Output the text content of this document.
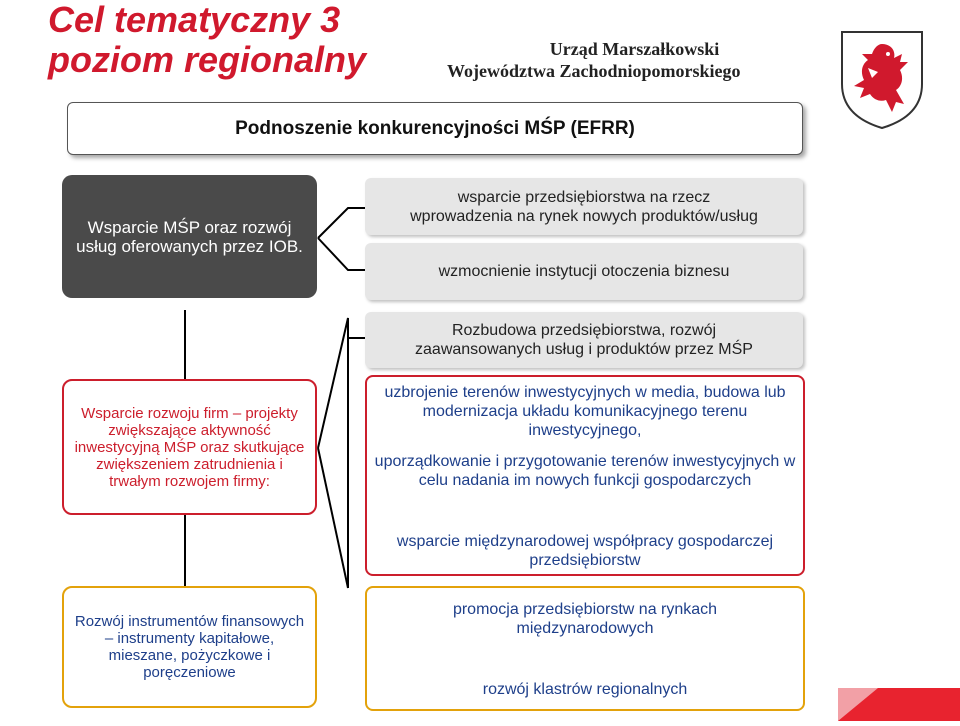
Cel tematyczny 3
poziom regionalny	Urząd Marszałkowski
Województwa Zachodniopomorskiego
Podnoszenie konkurencyjności MŚP (EFRR)
Wsparcie MŚP oraz rozwój usług oferowanych przez IOB.
wsparcie przedsiębiorstwa na rzecz wprowadzenia na rynek nowych produktów/usług
wzmocnienie instytucji otoczenia biznesu
Rozbudowa przedsiębiorstwa, rozwój zaawansowanych usług i produktów przez MŚP
Wsparcie rozwoju firm – projekty zwiększające aktywność inwestycyjną MŚP oraz skutkujące zwiększeniem zatrudnienia i trwałym rozwojem firmy:
uzbrojenie terenów inwestycyjnych w media, budowa lub modernizacja układu komunikacyjnego terenu inwestycyjnego,
uporządkowanie i przygotowanie terenów inwestycyjnych w celu nadania im nowych funkcji gospodarczych
wsparcie międzynarodowej współpracy gospodarczej przedsiębiorstw
Rozwój instrumentów finansowych – instrumenty kapitałowe, mieszane, pożyczkowe i poręczeniowe
promocja przedsiębiorstw na rynkach międzynarodowych
rozwój klastrów regionalnych
